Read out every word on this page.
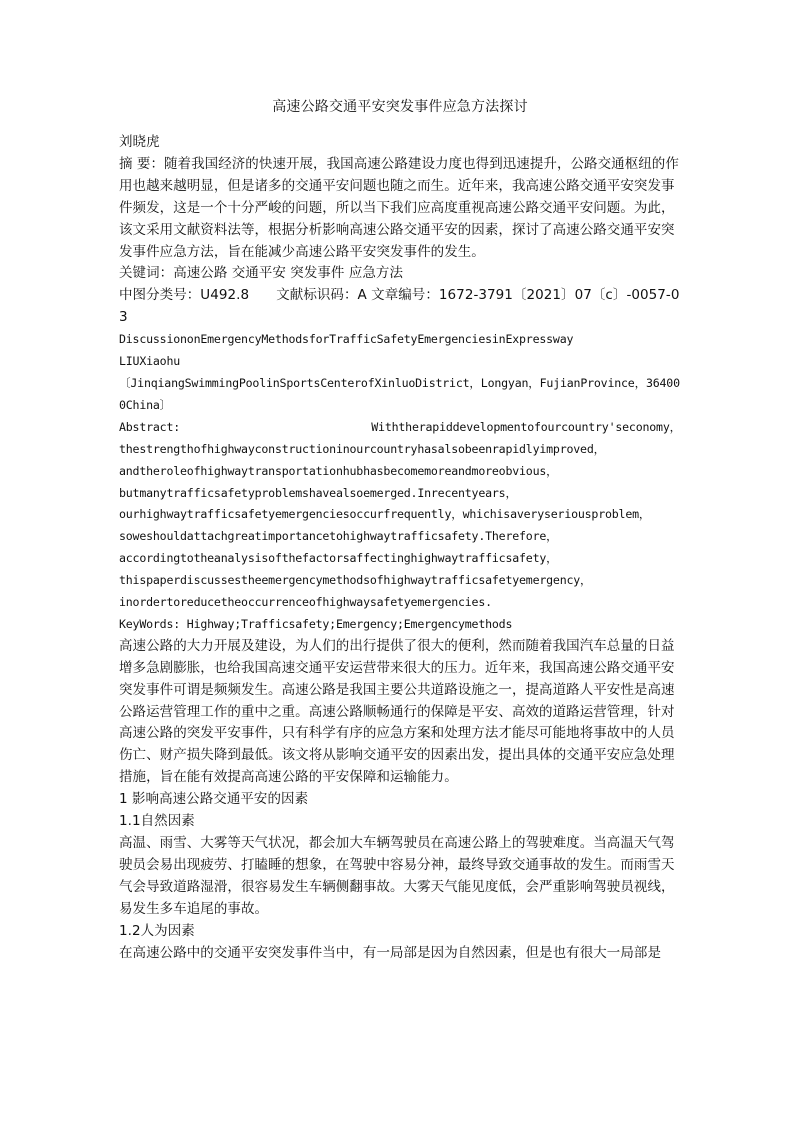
高速公路交通平安突发事件应急方法探讨

刘晓虎

摘 要：随着我国经济的快速开展，我国高速公路建设力度也得到迅速提升，公路交通枢纽的作用也越来越明显，但是诸多的交通平安问题也随之而生。近年来，我高速公路交通平安突发事件频发，这是一个十分严峻的问题，所以当下我们应高度重视高速公路交通平安问题。为此，该文采用文献资料法等，根据分析影响高速公路交通平安的因素，探讨了高速公路交通平安突发事件应急方法，旨在能减少高速公路平安突发事件的发生。

关键词：高速公路 交通平安 突发事件 应急方法

中图分类号：U492.8　　文献标识码：A 文章编号：1672-3791〔2021〕07〔c〕-0057-03

DiscussiononEmergencyMethodsforTrafficSafetyEmergenciesinExpressway

LIUXiaohu

〔JinqiangSwimmingPoolinSportsCenterofXinluoDistrict，Longyan，FujianProvince，364000China〕

Abstract:	Withtherapiddevelopmentofourcountry'seconomy，

thestrengthofhighwayconstructioninourcountryhasalsobeenrapidlyimproved，

andtheroleofhighwaytransportationhubhasbecomemoreandmoreobvious，

butmanytrafficsafetyproblemshavealsoemerged.Inrecentyears，

ourhighwaytrafficsafetyemergenciesoccurfrequently，whichisaveryseriousproblem，

soweshouldattachgreatimportancetohighwaytrafficsafety.Therefore，

accordingtotheanalysisofthefactorsaffectinghighwaytrafficsafety，

thispaperdiscussestheemergencymethodsofhighwaytrafficsafetyemergency，

inordertoreducetheoccurrenceofhighwaysafetyemergencies.

KeyWords: Highway;Trafficsafety;Emergency;Emergencymethods

高速公路的大力开展及建设，为人们的出行提供了很大的便利，然而随着我国汽车总量的日益增多急剧膨胀，也给我国高速交通平安运营带来很大的压力。近年来，我国高速公路交通平安突发事件可谓是频频发生。高速公路是我国主要公共道路设施之一，提高道路人平安性是高速公路运营管理工作的重中之重。高速公路顺畅通行的保障是平安、高效的道路运营管理，针对高速公路的突发平安事件，只有科学有序的应急方案和处理方法才能尽可能地将事故中的人员伤亡、财产损失降到最低。该文将从影响交通平安的因素出发，提出具体的交通平安应急处理措施，旨在能有效提高高速公路的平安保障和运输能力。

1 影响高速公路交通平安的因素

1.1自然因素

高温、雨雪、大雾等天气状况，都会加大车辆驾驶员在高速公路上的驾驶难度。当高温天气驾驶员会易出现疲劳、打瞌睡的想象，在驾驶中容易分神，最终导致交通事故的发生。而雨雪天气会导致道路湿滑，很容易发生车辆侧翻事故。大雾天气能见度低，会严重影响驾驶员视线，易发生多车追尾的事故。

1.2人为因素

在高速公路中的交通平安突发事件当中，有一局部是因为自然因素，但是也有很大一局部是
